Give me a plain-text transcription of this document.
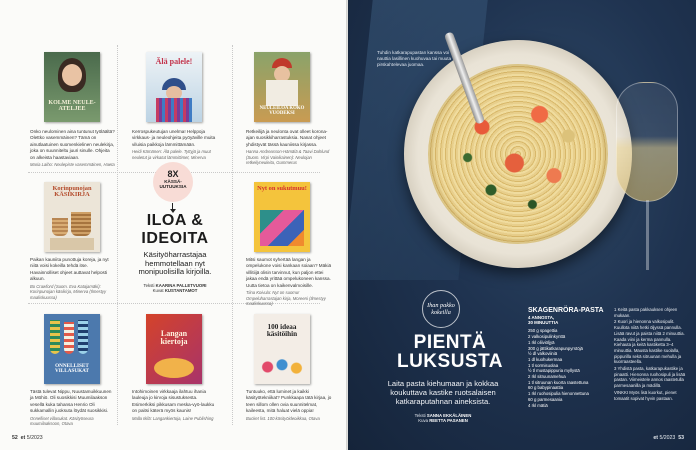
KOLME NEULE-ATELJEE
Onko neulominen aina tuntunut työläältä? Olettko vasemmäinen? Tämä on ainutlaatuinen suomenkielinen neulekirja, joka on suunniteltu juuri sinulle. Ohjeita on alkeista haastaviaan.
Maria Laiho: Neulepiste vasemmäinen, Haeta
Älä palele!
Kerrospukeutujan unelma! Helppoja virkkaus- ja neuleohjeita pyöyäville muita viluisia paikkoja lämmittämään.
Heidi Kärnänen: Älä palele. Tyttyjä ja muut neuletut ja virkatut lämmittimet, Minerva
NEULEILOA KOKO VUODEKSI
Retkeilijä ja neulonta ovat olleet korona-ajan suosikkiharrastuksia. Nanat ohjeet yhdistyvät tässä kauniissa kirjassa.
Hanna Andreasson-Hämälä & Taavi Dahlund (Suom. Virpi Vainikainen): Neulojan retkeilyneuleita, Gummerus
8X
KÄSSÄ-UUTUUKSIA
ILOA &
IDEOITA
Käsityöharrastajaa hemmotellaan nyt monipuolisilla kirjoilla.
Teksti KAARINA PALLETVUORI
Kuvat KUSTANTAMOT
Korinpunojan KÄSIKIRJA
Paikan kauniita punottuja koreja, ja nyt niitä voisi kokeilla tehdä itse. Havainnolliset ohjeet auttavat helposti alkuun.
Bo Crawford (Suom. Eva Katajamäki): Korinpunojan käsikirja, Minerva (Ilmestyy maaliskuussa)
Nyt on sukutmuu!
Mitsi saumot syhertää langan ja ompelukone voisi kankaan soiaan? Mäkiä villitiijä olisin tarvinnut, kun paljon ettei jakaa endä yrittää ompelukoneen kanssa. Uutta tietoa on kaikenvalmoisille.
Tiina Koivula: Nyt on suomu! Ompeluharrastajan kirja, Moreeni (Ilmestyy maaliskuussa)
ONNELLISET VILLASUKAT
Tästä tulevat Nippu, Nuustamuikkuunen ja Möhiö. Oli suosikkisi Muumilaakson vesellä kuka tahansa Henrio Oli sukkamallin juoksuta löydät suosikkisi.
Onnelliset villasukat. Käsityöseura muumilaaksoon, Otava
Langan kiertoja
Intohimoinen virkkaaja ilahtuu ihania lauleuja jo kirvoja sisustuksesta. Esimerkiksi pikkusam meska-vyö-laukku on paitsi käterä myös kaunis!
Malla Ikilä: Langankiertoja, Laine Publishing
100 ideaa käsitöihin
Tuntuuko, että luminet ja kaikki käsityötekniikat? Punkkaapa tätä kirjaa, jo teen sillom ollen ovia suunnitelmat, kaileesta, mitä haluat vielä oppia!
Bucket list. 100 käsityöideoikkaa, Otava
52 et 5/2023
Tuhdin katkarapupastan kanssa voi nauttia lasillinen kuohuvaa tai muuta pirskahtelevaa juomaa.
Ihan pakko
kokeilla
PIENTÄ
LUKSUSTA
Laita pasta kiehumaan ja kokkaa koukuttava kastike ruotsalaisen katkaraputahnan aineksista.
Teksti SANNA EKKÄLÄINEN
Kuva REETTA PASANEN
SKAGENRÖRA-PASTA
4 ANNOSTA,
30 MINUUTTIA
250 g spagettia
2 valkosipulinkynttä
1 rkl oliiviöljyä
300 g jättikatkarapunpyrstöjä
½ dl valkoviiniä
1 dl kuohukermaa
1 tl sormisuolaa
½ tl mustapippuria myllystä
2 rkl sitruunamehua
1 tl sitruunan kuorta raastettuna
60 g babypinaattia
1 rkl ruohosipulia hienonnettuna
60 g parmesaania
4 rkl mätiä

1 Keitä pasta pakkauksen ohjeen mukaan.

2 Kuori ja hienonna valkosipulit. Kuullota niitä hetki öljyssä pannulla. Lisää ravut ja paista niitä 2 minuuttia. Kaada viini ja kerma pannulla. Kiehauta ja keitä kastiketta 3–4 minuuttia. Mausta kastike suolalla, pippurilla sekä sitruunan mehulla ja kuorraasteella.

3 Yhdistä pasta, katkarapukastike ja pinaatti. Hienonna ruohosipuli ja lisää pastan. Viimeistele annos raastetulla parmesaanilla ja mädillä.

VINKKI Myös lisä kuorkut, pienet tomaatit sopivat hyvin pastaan.

et 5/2023 53
